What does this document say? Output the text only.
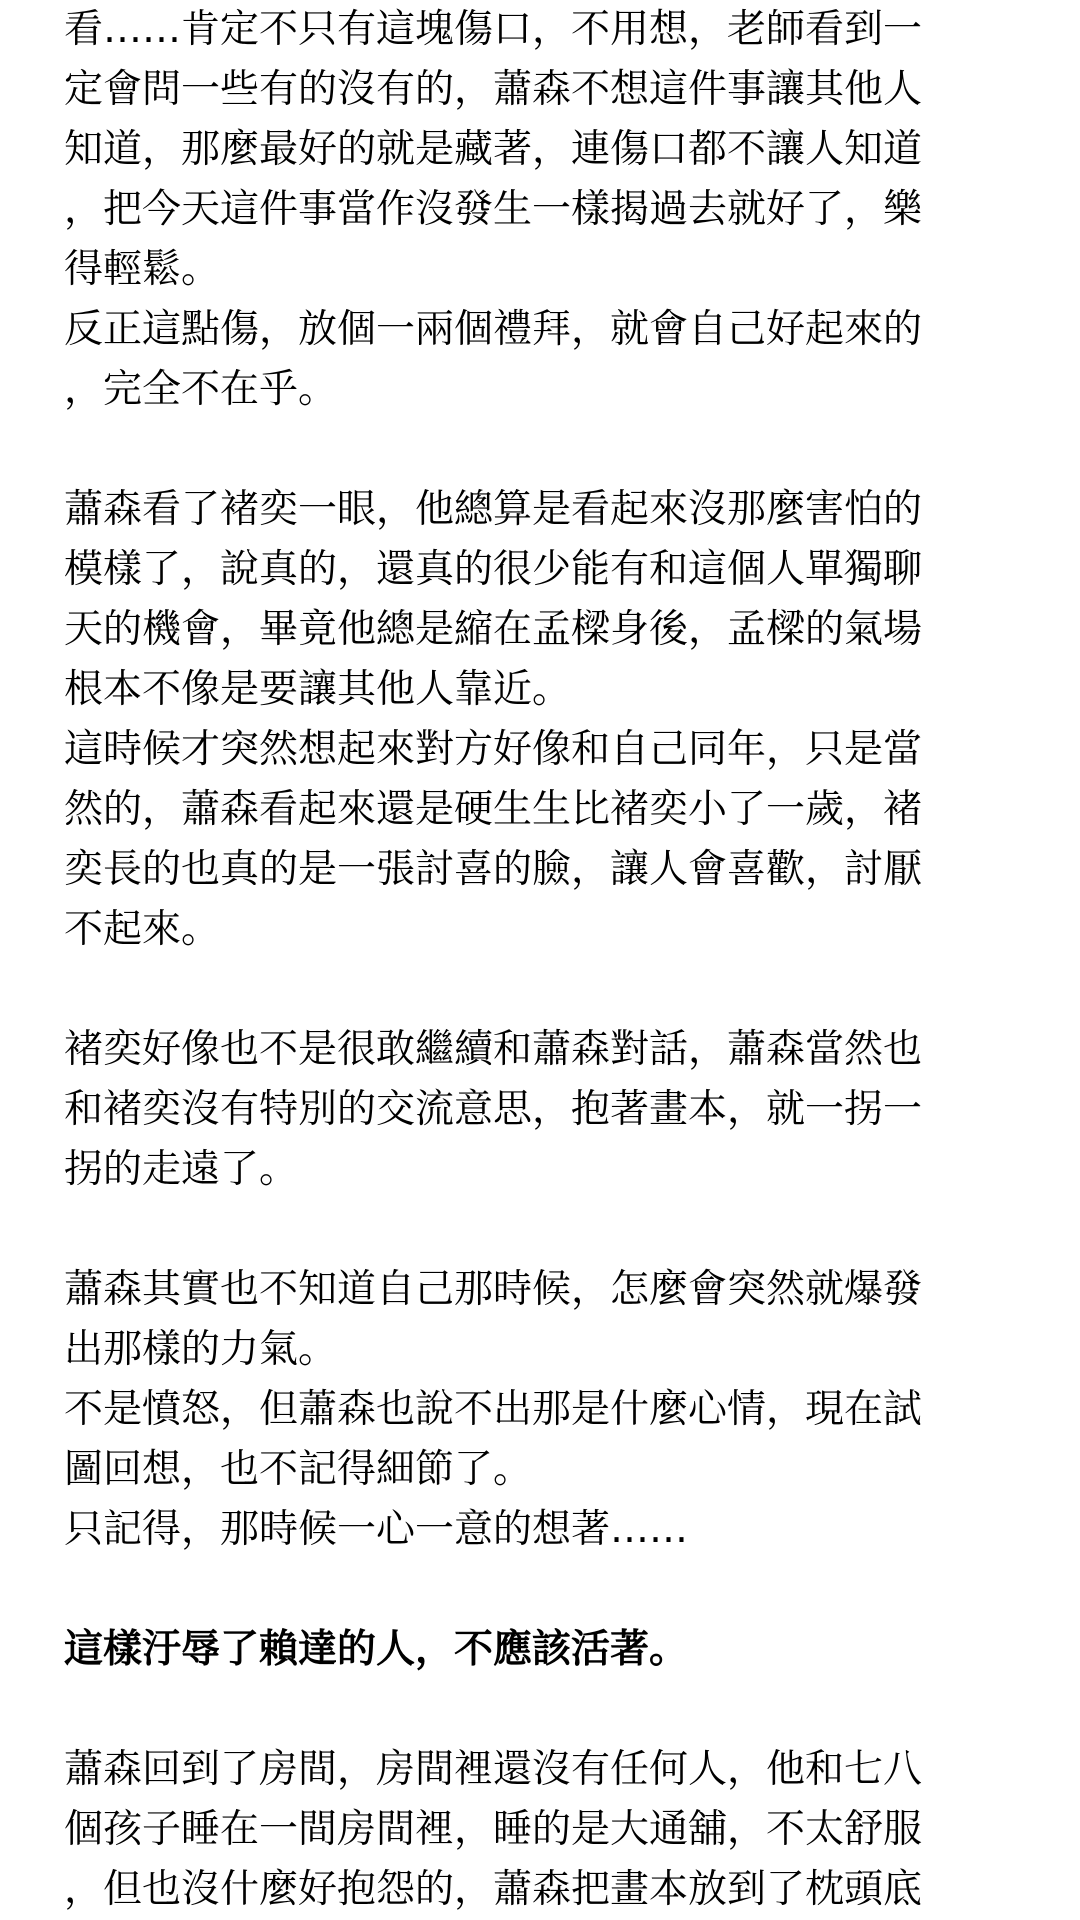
看……肯定不只有這塊傷口，不用想，老師看到一
定會問一些有的沒有的，蕭森不想這件事讓其他人
知道，那麼最好的就是藏著，連傷口都不讓人知道
，把今天這件事當作沒發生一樣揭過去就好了，樂
得輕鬆。
反正這點傷，放個一兩個禮拜，就會自己好起來的
，完全不在乎。
蕭森看了褚奕一眼，他總算是看起來沒那麼害怕的
模樣了，說真的，還真的很少能有和這個人單獨聊
天的機會，畢竟他總是縮在孟樑身後，孟樑的氣場
根本不像是要讓其他人靠近。
這時候才突然想起來對方好像和自己同年，只是當
然的，蕭森看起來還是硬生生比褚奕小了一歲，褚
奕長的也真的是一張討喜的臉，讓人會喜歡，討厭
不起來。
褚奕好像也不是很敢繼續和蕭森對話，蕭森當然也
和褚奕沒有特別的交流意思，抱著畫本，就一拐一
拐的走遠了。
蕭森其實也不知道自己那時候，怎麼會突然就爆發
出那樣的力氣。
不是憤怒，但蕭森也說不出那是什麼心情，現在試
圖回想，也不記得細節了。
只記得，那時候一心一意的想著……
這樣汙辱了賴達的人，不應該活著。
蕭森回到了房間，房間裡還沒有任何人，他和七八
個孩子睡在一間房間裡，睡的是大通舖，不太舒服
，但也沒什麼好抱怨的，蕭森把畫本放到了枕頭底
